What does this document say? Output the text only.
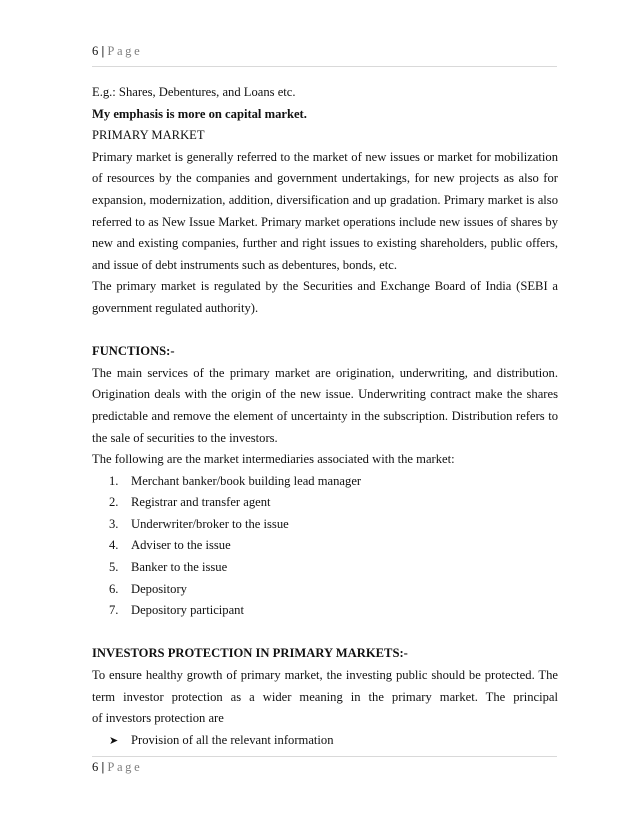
6 | Page
E.g.: Shares, Debentures, and Loans etc.
My emphasis is more on capital market.
PRIMARY MARKET
Primary market is generally referred to the market of new issues or market for mobilization
of resources by the companies and government undertakings, for new projects as also for
expansion, modernization, addition, diversification and up gradation. Primary market is also
referred to as New Issue Market. Primary market operations include new issues of shares by
new and existing companies, further and right issues to existing shareholders, public offers,
and issue of debt instruments such as debentures, bonds, etc.
The primary market is regulated by the Securities and Exchange Board of India (SEBI a
government regulated authority).
FUNCTIONS:-
The main services of the primary market are origination, underwriting, and distribution.
Origination deals with the origin of the new issue. Underwriting contract make the shares
predictable and remove the element of uncertainty in the subscription. Distribution refers to
the sale of securities to the investors.
The following are the market intermediaries associated with the market:
1. Merchant banker/book building lead manager
2. Registrar and transfer agent
3. Underwriter/broker to the issue
4. Adviser to the issue
5. Banker to the issue
6. Depository
7. Depository participant
INVESTORS PROTECTION IN PRIMARY MARKETS:-
To ensure healthy growth of primary market, the investing public should be protected. The
term investor protection as a wider meaning in the primary market. The principal
of investors protection are
➤ Provision of all the relevant information
6 | Page
